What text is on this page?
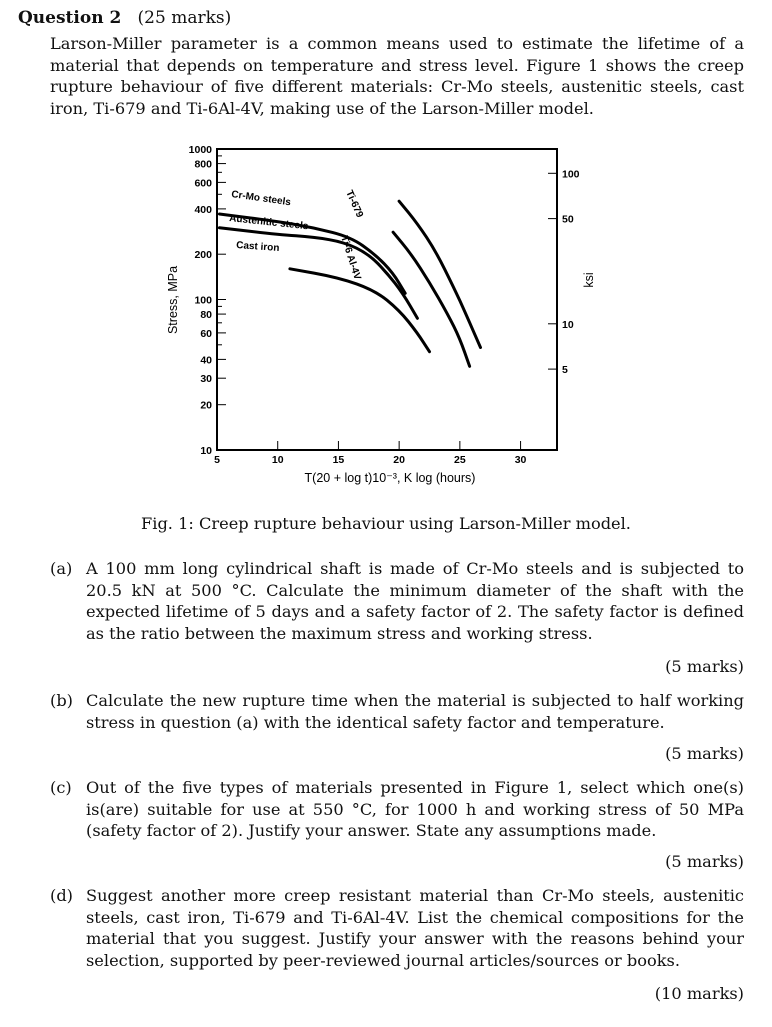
Question 2 (25 marks)
Larson-Miller parameter is a common means used to estimate the lifetime of a material that depends on temperature and stress level. Figure 1 shows the creep rupture behaviour of five different materials: Cr-Mo steels, austenitic steels, cast iron, Ti-679 and Ti-6Al-4V, making use of the Larson-Miller model.
1000
800
600
400
200
100
80
60
40
30
20
10
100
50
10
5
5	10	15	20	25	30
Stress, MPa	ksi
T(20 + log t)10⁻³, K log (hours)
Cr-Mo steels
Austenitic steels
Cast iron
Ti-679
Ti-6 Al-4V
Fig. 1: Creep rupture behaviour using Larson-Miller model.
(a) A 100 mm long cylindrical shaft is made of Cr-Mo steels and is subjected to 20.5 kN at 500 °C. Calculate the minimum diameter of the shaft with the expected lifetime of 5 days and a safety factor of 2. The safety factor is defined as the ratio between the maximum stress and working stress.
(5 marks)
(b) Calculate the new rupture time when the material is subjected to half working stress in question (a) with the identical safety factor and temperature.
(5 marks)
(c) Out of the five types of materials presented in Figure 1, select which one(s) is(are) suitable for use at 550 °C, for 1000 h and working stress of 50 MPa (safety factor of 2). Justify your answer. State any assumptions made.
(5 marks)
(d) Suggest another more creep resistant material than Cr-Mo steels, austenitic steels, cast iron, Ti-679 and Ti-6Al-4V. List the chemical compositions for the material that you suggest. Justify your answer with the reasons behind your selection, supported by peer-reviewed journal articles/sources or books.
(10 marks)
